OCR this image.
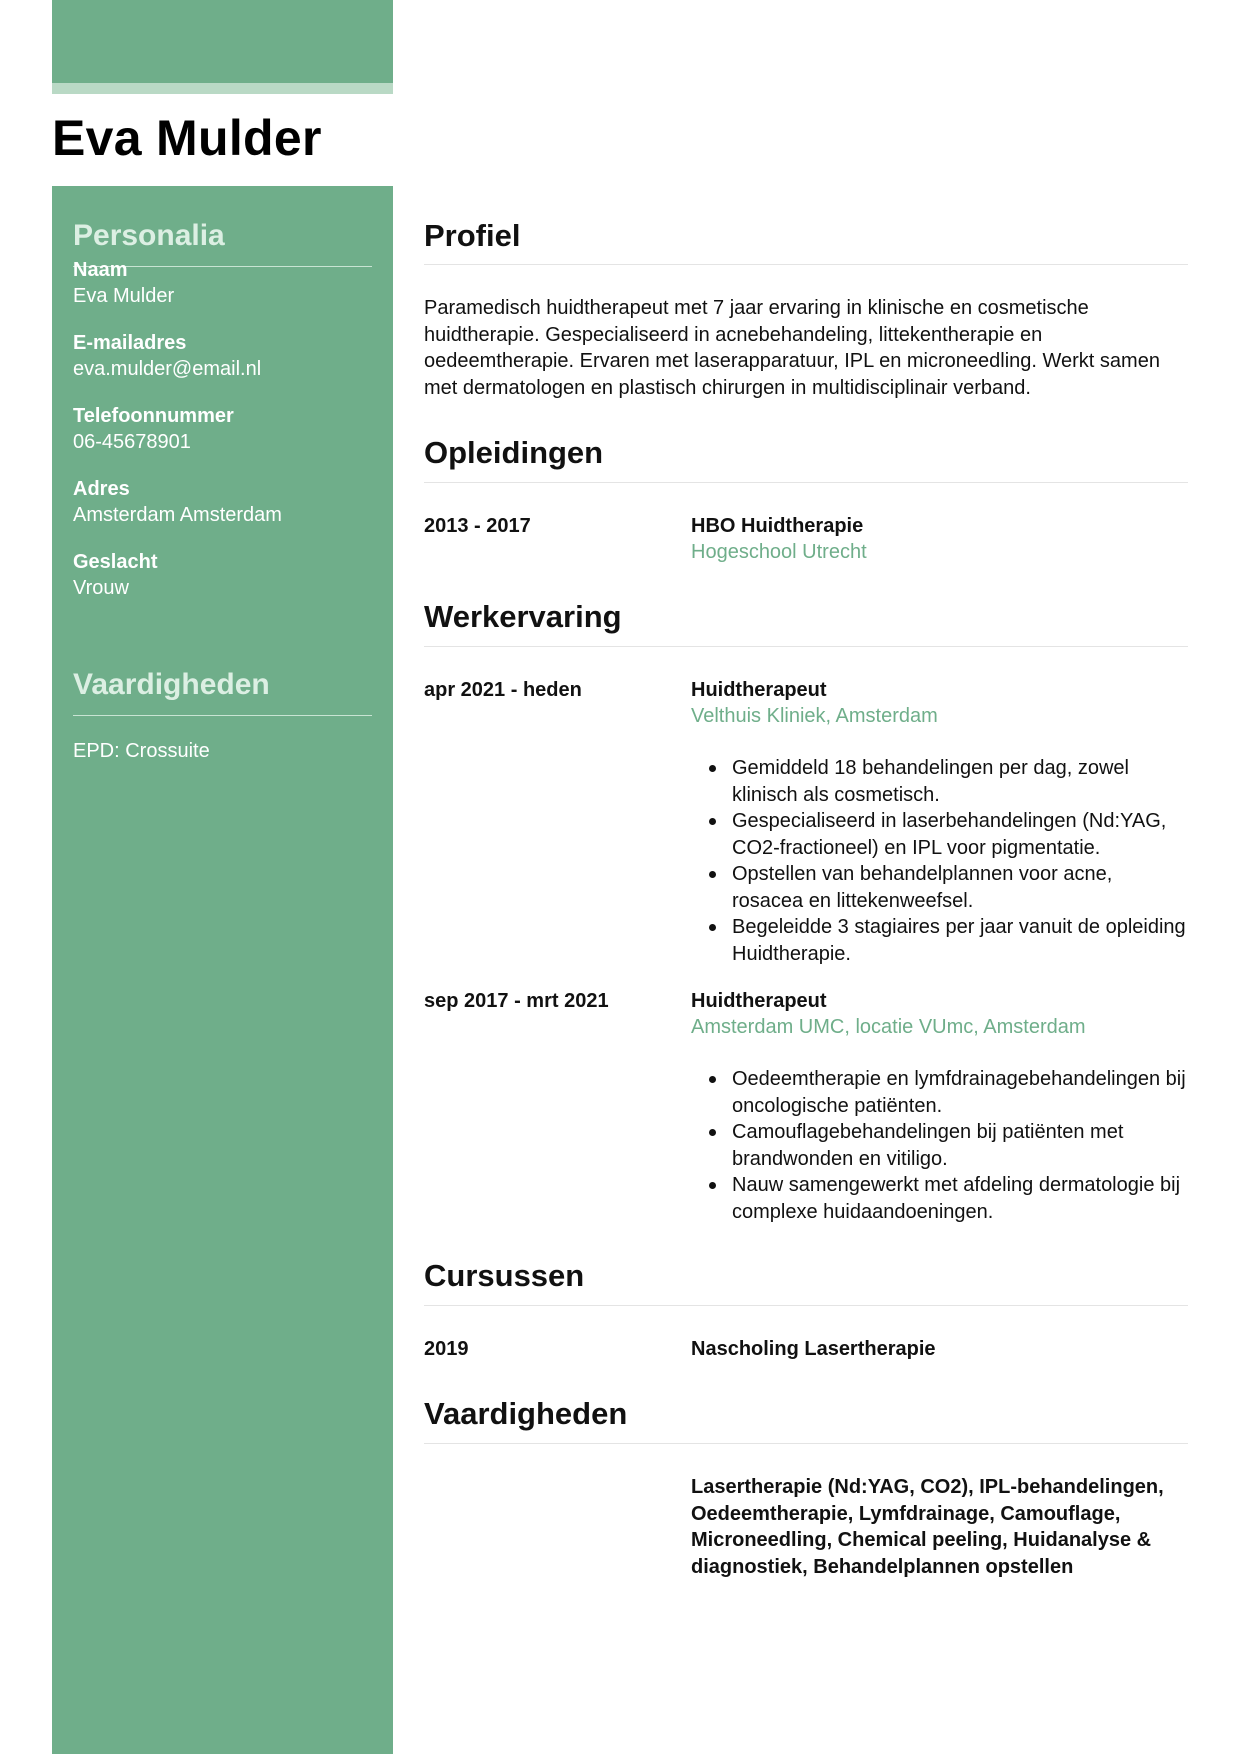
Eva Mulder
Personalia

Naam

Eva Mulder

E-mailadres

eva.mulder@email.nl

Telefoonnummer

06-45678901

Adres

Amsterdam Amsterdam

Geslacht

Vrouw

Vaardigheden

EPD: Crossuite

Profiel

Paramedisch huidtherapeut met 7 jaar ervaring in klinische en cosmetische huidtherapie. Gespecialiseerd in acnebehandeling, littekentherapie en oedeemtherapie. Ervaren met laserapparatuur, IPL en microneedling. Werkt samen met dermatologen en plastisch chirurgen in multidisciplinair verband.

Opleidingen
2013 - 2017	HBO Huidtherapie

Hogeschool Utrecht

Werkervaring
apr 2021 - heden	Huidtherapeut

Velthuis Kliniek, Amsterdam

Gemiddeld 18 behandelingen per dag, zowel klinisch als cosmetisch.
Gespecialiseerd in laserbehandelingen (Nd:YAG, CO2-fractioneel) en IPL voor pigmentatie.
Opstellen van behandelplannen voor acne, rosacea en littekenweefsel.
Begeleidde 3 stagiaires per jaar vanuit de opleiding Huidtherapie.
sep 2017 - mrt 2021	Huidtherapeut

Amsterdam UMC, locatie VUmc, Amsterdam

Oedeemtherapie en lymfdrainagebehandelingen bij oncologische patiënten.
Camouflagebehandelingen bij patiënten met brandwonden en vitiligo.
Nauw samengewerkt met afdeling dermatologie bij complexe huidaandoeningen.
Cursussen
2019	Nascholing Lasertherapie

Vaardigheden

Lasertherapie (Nd:YAG, CO2), IPL-behandelingen, Oedeemtherapie, Lymfdrainage, Camouflage, Microneedling, Chemical peeling, Huidanalyse & diagnostiek, Behandelplannen opstellen
